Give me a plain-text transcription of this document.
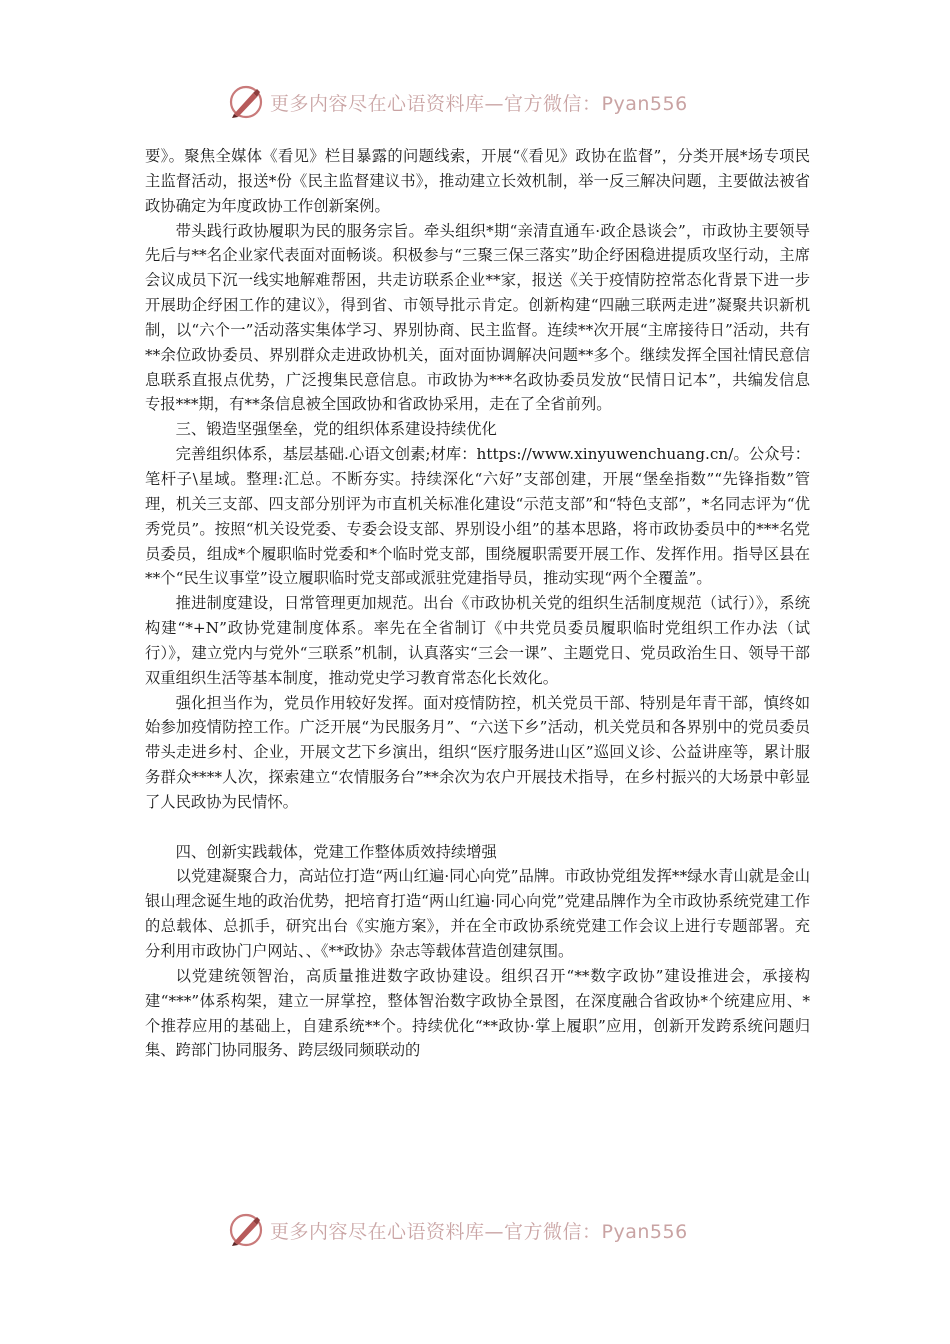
更多内容尽在心语资料库—官方微信：Pyan556

要》。聚焦全媒体《看见》栏目暴露的问题线索，开展“《看见》政协在监督”，分类开展*场专项民主监督活动，报送*份《民主监督建议书》，推动建立长效机制，举一反三解决问题，主要做法被省政协确定为年度政协工作创新案例。

带头践行政协履职为民的服务宗旨。牵头组织*期“亲清直通车·政企恳谈会”，市政协主要领导先后与**名企业家代表面对面畅谈。积极参与“三聚三保三落实”助企纾困稳进提质攻坚行动，主席会议成员下沉一线实地解难帮困，共走访联系企业**家，报送《关于疫情防控常态化背景下进一步开展助企纾困工作的建议》，得到省、市领导批示肯定。创新构建“四融三联两走进”凝聚共识新机制，以“六个一”活动落实集体学习、界别协商、民主监督。连续**次开展“主席接待日”活动，共有**余位政协委员、界别群众走进政协机关，面对面协调解决问题**多个。继续发挥全国社情民意信息联系直报点优势，广泛搜集民意信息。市政协为***名政协委员发放“民情日记本”，共编发信息专报***期，有**条信息被全国政协和省政协采用，走在了全省前列。

三、锻造坚强堡垒，党的组织体系建设持续优化

完善组织体系，基层基础.心语文创素;材库：https://www.xinyuwenchuang.cn/。公众号：笔杆子\星域。整理:汇总。不断夯实。持续深化“六好”支部创建，开展“堡垒指数”“先锋指数”管理，机关三支部、四支部分别评为市直机关标准化建设“示范支部”和“特色支部”，*名同志评为“优秀党员”。按照“机关设党委、专委会设支部、界别设小组”的基本思路，将市政协委员中的***名党员委员，组成*个履职临时党委和*个临时党支部，围绕履职需要开展工作、发挥作用。指导区县在**个“民生议事堂”设立履职临时党支部或派驻党建指导员，推动实现“两个全覆盖”。

推进制度建设，日常管理更加规范。出台《市政协机关党的组织生活制度规范（试行）》，系统构建“*+N”政协党建制度体系。率先在全省制订《中共党员委员履职临时党组织工作办法（试行）》，建立党内与党外“三联系”机制，认真落实“三会一课”、主题党日、党员政治生日、领导干部双重组织生活等基本制度，推动党史学习教育常态化长效化。

强化担当作为，党员作用较好发挥。面对疫情防控，机关党员干部、特别是年青干部，慎终如始参加疫情防控工作。广泛开展“为民服务月”、“六送下乡”活动，机关党员和各界别中的党员委员带头走进乡村、企业，开展文艺下乡演出，组织“医疗服务进山区”巡回义诊、公益讲座等，累计服务群众****人次，探索建立“农情服务台”**余次为农户开展技术指导，在乡村振兴的大场景中彰显了人民政协为民情怀。

四、创新实践载体，党建工作整体质效持续增强

以党建凝聚合力，高站位打造“两山红遍·同心向党”品牌。市政协党组发挥**绿水青山就是金山银山理念诞生地的政治优势，把培育打造“两山红遍·同心向党”党建品牌作为全市政协系统党建工作的总载体、总抓手，研究出台《实施方案》，并在全市政协系统党建工作会议上进行专题部署。充分利用市政协门户网站、、《**政协》杂志等载体营造创建氛围。

以党建统领智治，高质量推进数字政协建设。组织召开“**数字政协”建设推进会，承接构建“***”体系构架，建立一屏掌控，整体智治数字政协全景图，在深度融合省政协*个统建应用、*个推荐应用的基础上，自建系统**个。持续优化“**政协·掌上履职”应用，创新开发跨系统问题归集、跨部门协同服务、跨层级同频联动的

更多内容尽在心语资料库—官方微信：Pyan556
